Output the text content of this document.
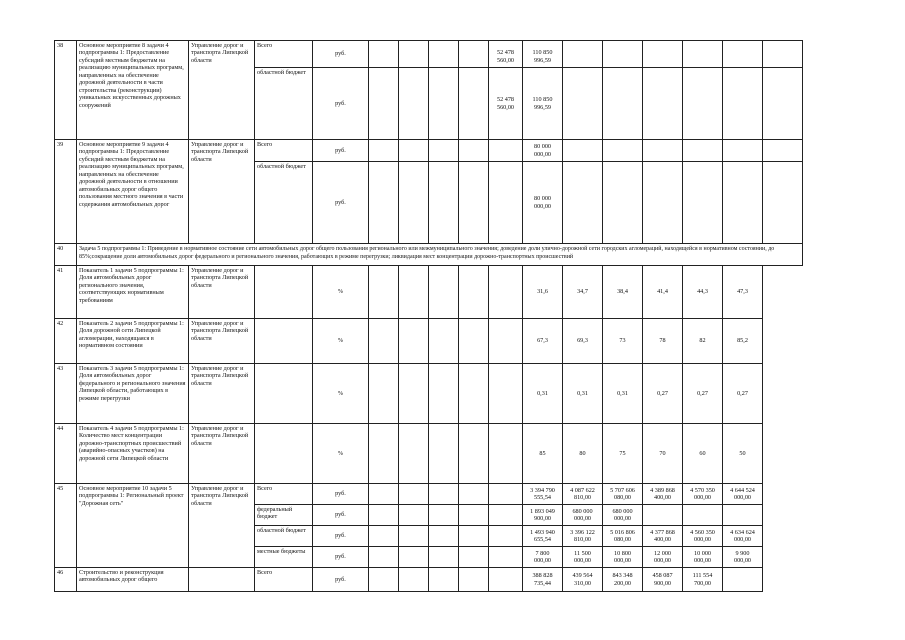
38	Основное мероприятие 8 задачи 4 подпрограммы 1: Предоставление субсидий местным бюджетам на реализацию муниципальных программ, направленных на обеспечение дорожной деятельности в части строительства (реконструкции) уникальных искусственных дорожных сооружений	Управление дорог и транспорта Липецкой области	Всего	руб.					52 478
560,00	110 850
996,59						
			областной бюджет	руб.					52 478
560,00	110 850
996,59						
39	Основное мероприятие 9 задачи 4 подпрограммы 1: Предоставление субсидий местным бюджетам на реализацию муниципальных программ, направленных на обеспечение дорожной деятельности в отношении автомобильных дорог общего пользования местного значения в части содержания автомобильных дорог	Управление дорог и транспорта Липецкой области	Всего	руб.						80 000
000,00						
			областной бюджет	руб.						80 000
000,00						
40	Задача 5 подпрограммы 1: Приведение в нормативное состояние сети автомобильных дорог общего пользования регионального или межмуниципального значения; доведение доли улично-дорожной сети городских агломераций, находящейся в нормативном состоянии, до 85%;сокращение доли автомобильных дорог федерального и регионального значения, работающих в режиме перегрузки; ликвидация мест концентрации дорожно-транспортных происшествий															
41	Показатель 1 задачи 5 подпрограммы 1: Доля автомобильных дорог регионального значения, соответствующих нормативным требованиям	Управление дорог и транспорта Липецкой области		%						31,6	34,7	38,4	41,4	44,3	47,3	
42	Показатель 2 задачи 5 подпрограммы 1: Доля дорожной сети Липецкой агломерации, находящаяся в нормативном состоянии	Управление дорог и транспорта Липецкой области		%						67,3	69,3	73	78	82	85,2	
43	Показатель 3 задачи 5 подпрограммы 1: Доля автомобильных дорог федерального и регионального значения Липецкой области, работающих в режиме перегрузки	Управление дорог и транспорта Липецкой области		%						0,31	0,31	0,31	0,27	0,27	0,27	
44	Показатель 4 задачи 5 подпрограммы 1: Количество мест концентрации дорожно-транспортных происшествий (аварийно-опасных участков) на дорожной сети Липецкой области	Управление дорог и транспорта Липецкой области		%						85	80	75	70	60	50	
45	Основное мероприятие 10 задачи 5 подпрограммы 1: Региональный проект "Дорожная сеть"	Управление дорог и транспорта Липецкой области	Всего	руб.						3 394 790
555,54	4 087 622
810,00	5 707 606
080,00	4 389 868
400,00	4 570 350
000,00	4 644 524
000,00	
			федеральный бюджет	руб.						1 893 049
900,00	680 000
000,00	680 000
000,00				
			областной бюджет	руб.						1 493 940
655,54	3 396 122
810,00	5 016 806
080,00	4 377 868
400,00	4 560 350
000,00	4 634 624
000,00	
			местные бюджеты	руб.						7 800
000,00	11 500 000,00	10 800
000,00	12 000
000,00	10 000
000,00	9 900
000,00	
46	Строительство и реконструкция автомобильных дорог общего		Всего	руб.						388 828
735,44	439 564
310,00	843 348
200,00	458 087
900,00	111 554
700,00		
